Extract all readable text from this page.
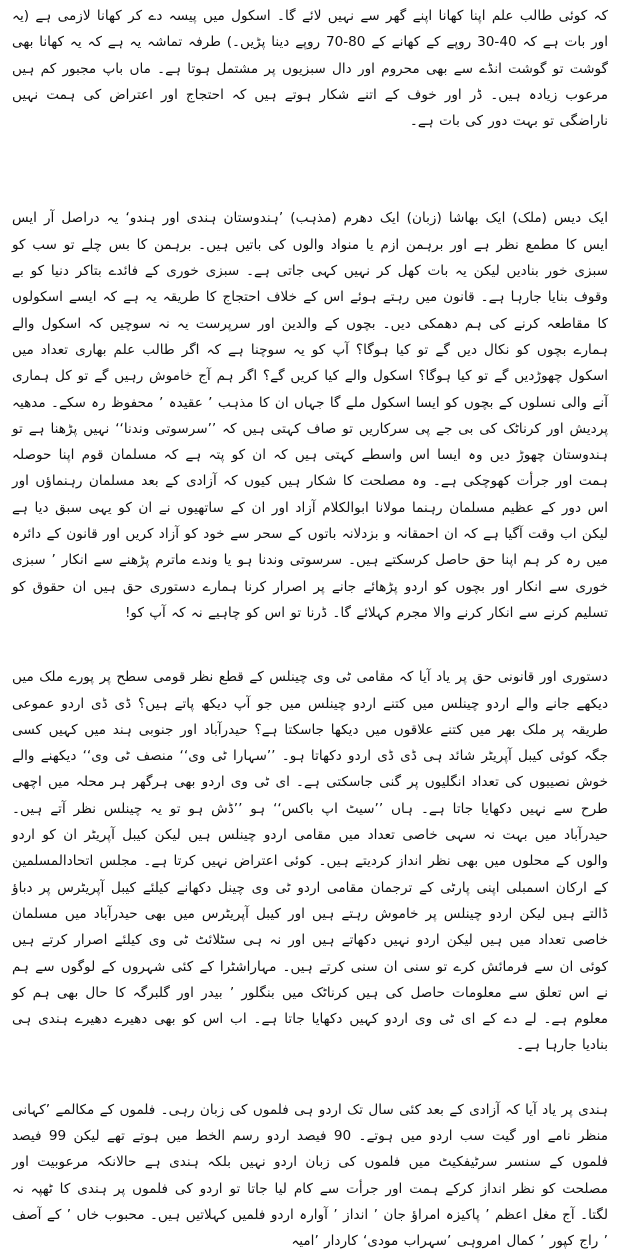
کہ کوئی طالب علم اپنا کھانا اپنے گھر سے نہیں لائے گا۔ اسکول میں پیسہ دے کر کھانا لازمی ہے (یہ اور بات ہے کہ 40-30 روپے کے کھانے کے 80-70 روپے دینا پڑیں۔) طرفہ تماشہ یہ ہے کہ یہ کھانا بھی گوشت تو گوشت انڈے سے بھی محروم اور دال سبزیوں پر مشتمل ہوتا ہے۔ ماں باپ مجبور کم ہیں مرعوب زیادہ ہیں۔ ڈر اور خوف کے اتنے شکار ہوتے ہیں کہ احتجاج اور اعتراض کی ہمت نہیں ناراضگی تو بہت دور کی بات ہے۔

ایک دیس (ملک) ایک بھاشا (زبان) ایک دھرم (مذہب) ’ہندوستان ہندی اور ہندو‘ یہ دراصل آر ایس ایس کا مطمع نظر ہے اور برہمن ازم یا منواد والوں کی باتیں ہیں۔ برہمن کا بس چلے تو سب کو سبزی خور بنادیں لیکن یہ بات کھل کر نہیں کہی جاتی ہے۔ سبزی خوری کے فائدے بتاکر دنیا کو بے وقوف بنایا جارہا ہے۔ قانون میں رہتے ہوئے اس کے خلاف احتجاج کا طریقہ یہ ہے کہ ایسے اسکولوں کا مقاطعہ کرنے کی ہم دھمکی دیں۔ بچوں کے والدین اور سرپرست یہ نہ سوچیں کہ اسکول والے ہمارے بچوں کو نکال دیں گے تو کیا ہوگا؟ آپ کو یہ سوچنا ہے کہ اگر طالب علم بھاری تعداد میں اسکول چھوڑدیں گے تو کیا ہوگا؟ اسکول والے کیا کریں گے؟ اگر ہم آج خاموش رہیں گے تو کل ہماری آنے والی نسلوں کے بچوں کو ایسا اسکول ملے گا جہاں ان کا مذہب ’ عقیدہ ’ محفوظ رہ سکے۔ مدھیہ پردیش اور کرناٹک کی بی جے پی سرکاریں تو صاف کہتی ہیں کہ ’’سرسوتی وندنا‘‘ نہیں پڑھنا ہے تو ہندوستان چھوڑ دیں وہ ایسا اس واسطے کہتی ہیں کہ ان کو پتہ ہے کہ مسلمان قوم اپنا حوصلہ ہمت اور جرأت کھوچکی ہے۔ وہ مصلحت کا شکار ہیں کیوں کہ آزادی کے بعد مسلمان رہنماؤں اور اس دور کے عظیم مسلمان رہنما مولانا ابوالکلام آزاد اور ان کے ساتھیوں نے ان کو یہی سبق دیا ہے لیکن اب وقت آگیا ہے کہ ان احمقانہ و بزدلانہ باتوں کے سحر سے خود کو آزاد کریں اور قانون کے دائرہ میں رہ کر ہم اپنا حق حاصل کرسکتے ہیں۔ سرسوتی وندنا ہو یا وندے ماترم پڑھنے سے انکار ’ سبزی خوری سے انکار اور بچوں کو اردو پڑھائے جانے پر اصرار کرنا ہمارے دستوری حق ہیں ان حقوق کو تسلیم کرنے سے انکار کرنے والا مجرم کہلائے گا۔ ڈرنا تو اس کو چاہیے نہ کہ آپ کو!

دستوری اور قانونی حق پر یاد آیا کہ مقامی ٹی وی چینلس کے قطع نظر قومی سطح پر پورے ملک میں دیکھے جانے والے اردو چینلس میں کتنے اردو چینلس میں جو آپ دیکھ پاتے ہیں؟ ڈی ڈی اردو عموعی طریقہ پر ملک بھر میں کتنے علاقوں میں دیکھا جاسکتا ہے؟ حیدرآباد اور جنوبی ہند میں کہیں کسی جگہ کوئی کیبل آپریٹر شائد ہی ڈی ڈی اردو دکھاتا ہو۔ ’’سہارا ٹی وی‘‘ منصف ٹی وی‘‘ دیکھنے والے خوش نصیبوں کی تعداد انگلیوں پر گنی جاسکتی ہے۔ ای ٹی وی اردو بھی ہرگھر ہر محلہ میں اچھی طرح سے نہیں دکھایا جاتا ہے۔ ہاں ’’سیٹ اپ باکس‘‘ ہو ’’ڈش ہو تو یہ چینلس نظر آتے ہیں۔ حیدرآباد میں بہت نہ سہی خاصی تعداد میں مقامی اردو چینلس ہیں لیکن کیبل آپریٹر ان کو اردو والوں کے محلوں میں بھی نظر انداز کردیتے ہیں۔ کوئی اعتراض نہیں کرتا ہے۔ مجلس اتحادالمسلمین کے ارکان اسمبلی اپنی پارٹی کے ترجمان مقامی اردو ٹی وی چینل دکھانے کیلئے کیبل آپریٹرس پر دباؤ ڈالتے ہیں لیکن اردو چینلس پر خاموش رہتے ہیں اور کیبل آپریٹرس میں بھی حیدرآباد میں مسلمان خاصی تعداد میں ہیں لیکن اردو نہیں دکھاتے ہیں اور نہ ہی سٹلائٹ ٹی وی کیلئے اصرار کرتے ہیں کوئی ان سے فرمائش کرے تو سنی ان سنی کرتے ہیں۔ مہاراشٹرا کے کئی شہروں کے لوگوں سے ہم نے اس تعلق سے معلومات حاصل کی ہیں کرناٹک میں بنگلور ’ بیدر اور گلبرگہ کا حال بھی ہم کو معلوم ہے۔ لے دے کے ای ٹی وی اردو کہیں دکھایا جاتا ہے۔ اب اس کو بھی دھیرے دھیرے ہندی ہی بنادیا جارہا ہے۔

ہندی پر یاد آیا کہ آزادی کے بعد کئی سال تک اردو ہی فلموں کی زبان رہی۔ فلموں کے مکالمے ’کہانی منظر نامے اور گیت سب اردو میں ہوتے۔ 90 فیصد اردو رسم الخط میں ہوتے تھے لیکن 99 فیصد فلموں کے سنسر سرٹیفکیٹ میں فلموں کی زبان اردو نہیں بلکہ ہندی ہے حالانکہ مرعوبیت اور مصلحت کو نظر انداز کرکے ہمت اور جرأت سے کام لیا جاتا تو اردو کی فلموں پر ہندی کا ٹھپہ نہ لگتا۔ آج مغل اعظم ’ پاکیزہ امراؤ جان ’ انداز ’ آوارہ اردو فلمیں کہلاتیں ہیں۔ محبوب خاں ’ کے آصف ’ راج کپور ’ کمال امروہی ’سہراب مودی‘ کاردار ’امیہ
